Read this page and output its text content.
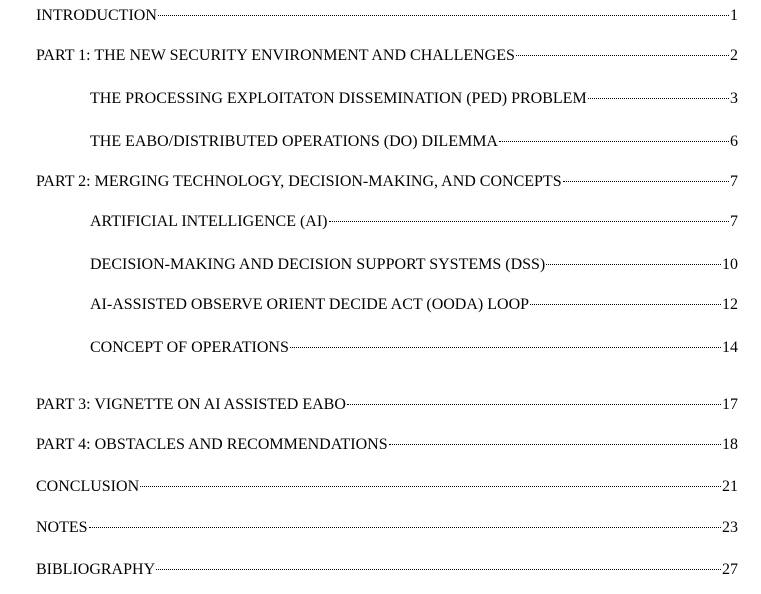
INTRODUCTION	1
PART 1: THE NEW SECURITY ENVIRONMENT AND CHALLENGES	2
THE PROCESSING EXPLOITATON DISSEMINATION (PED) PROBLEM	3
THE EABO/DISTRIBUTED OPERATIONS (DO) DILEMMA	6
PART 2: MERGING TECHNOLOGY, DECISION-MAKING, AND CONCEPTS	7
ARTIFICIAL INTELLIGENCE (AI)	7
DECISION-MAKING AND DECISION SUPPORT SYSTEMS (DSS)	10
AI-ASSISTED OBSERVE ORIENT DECIDE ACT (OODA) LOOP	12
CONCEPT OF OPERATIONS	14
PART 3: VIGNETTE ON AI ASSISTED EABO	17
PART 4: OBSTACLES AND RECOMMENDATIONS	18
CONCLUSION	21
NOTES	23
BIBLIOGRAPHY	27
